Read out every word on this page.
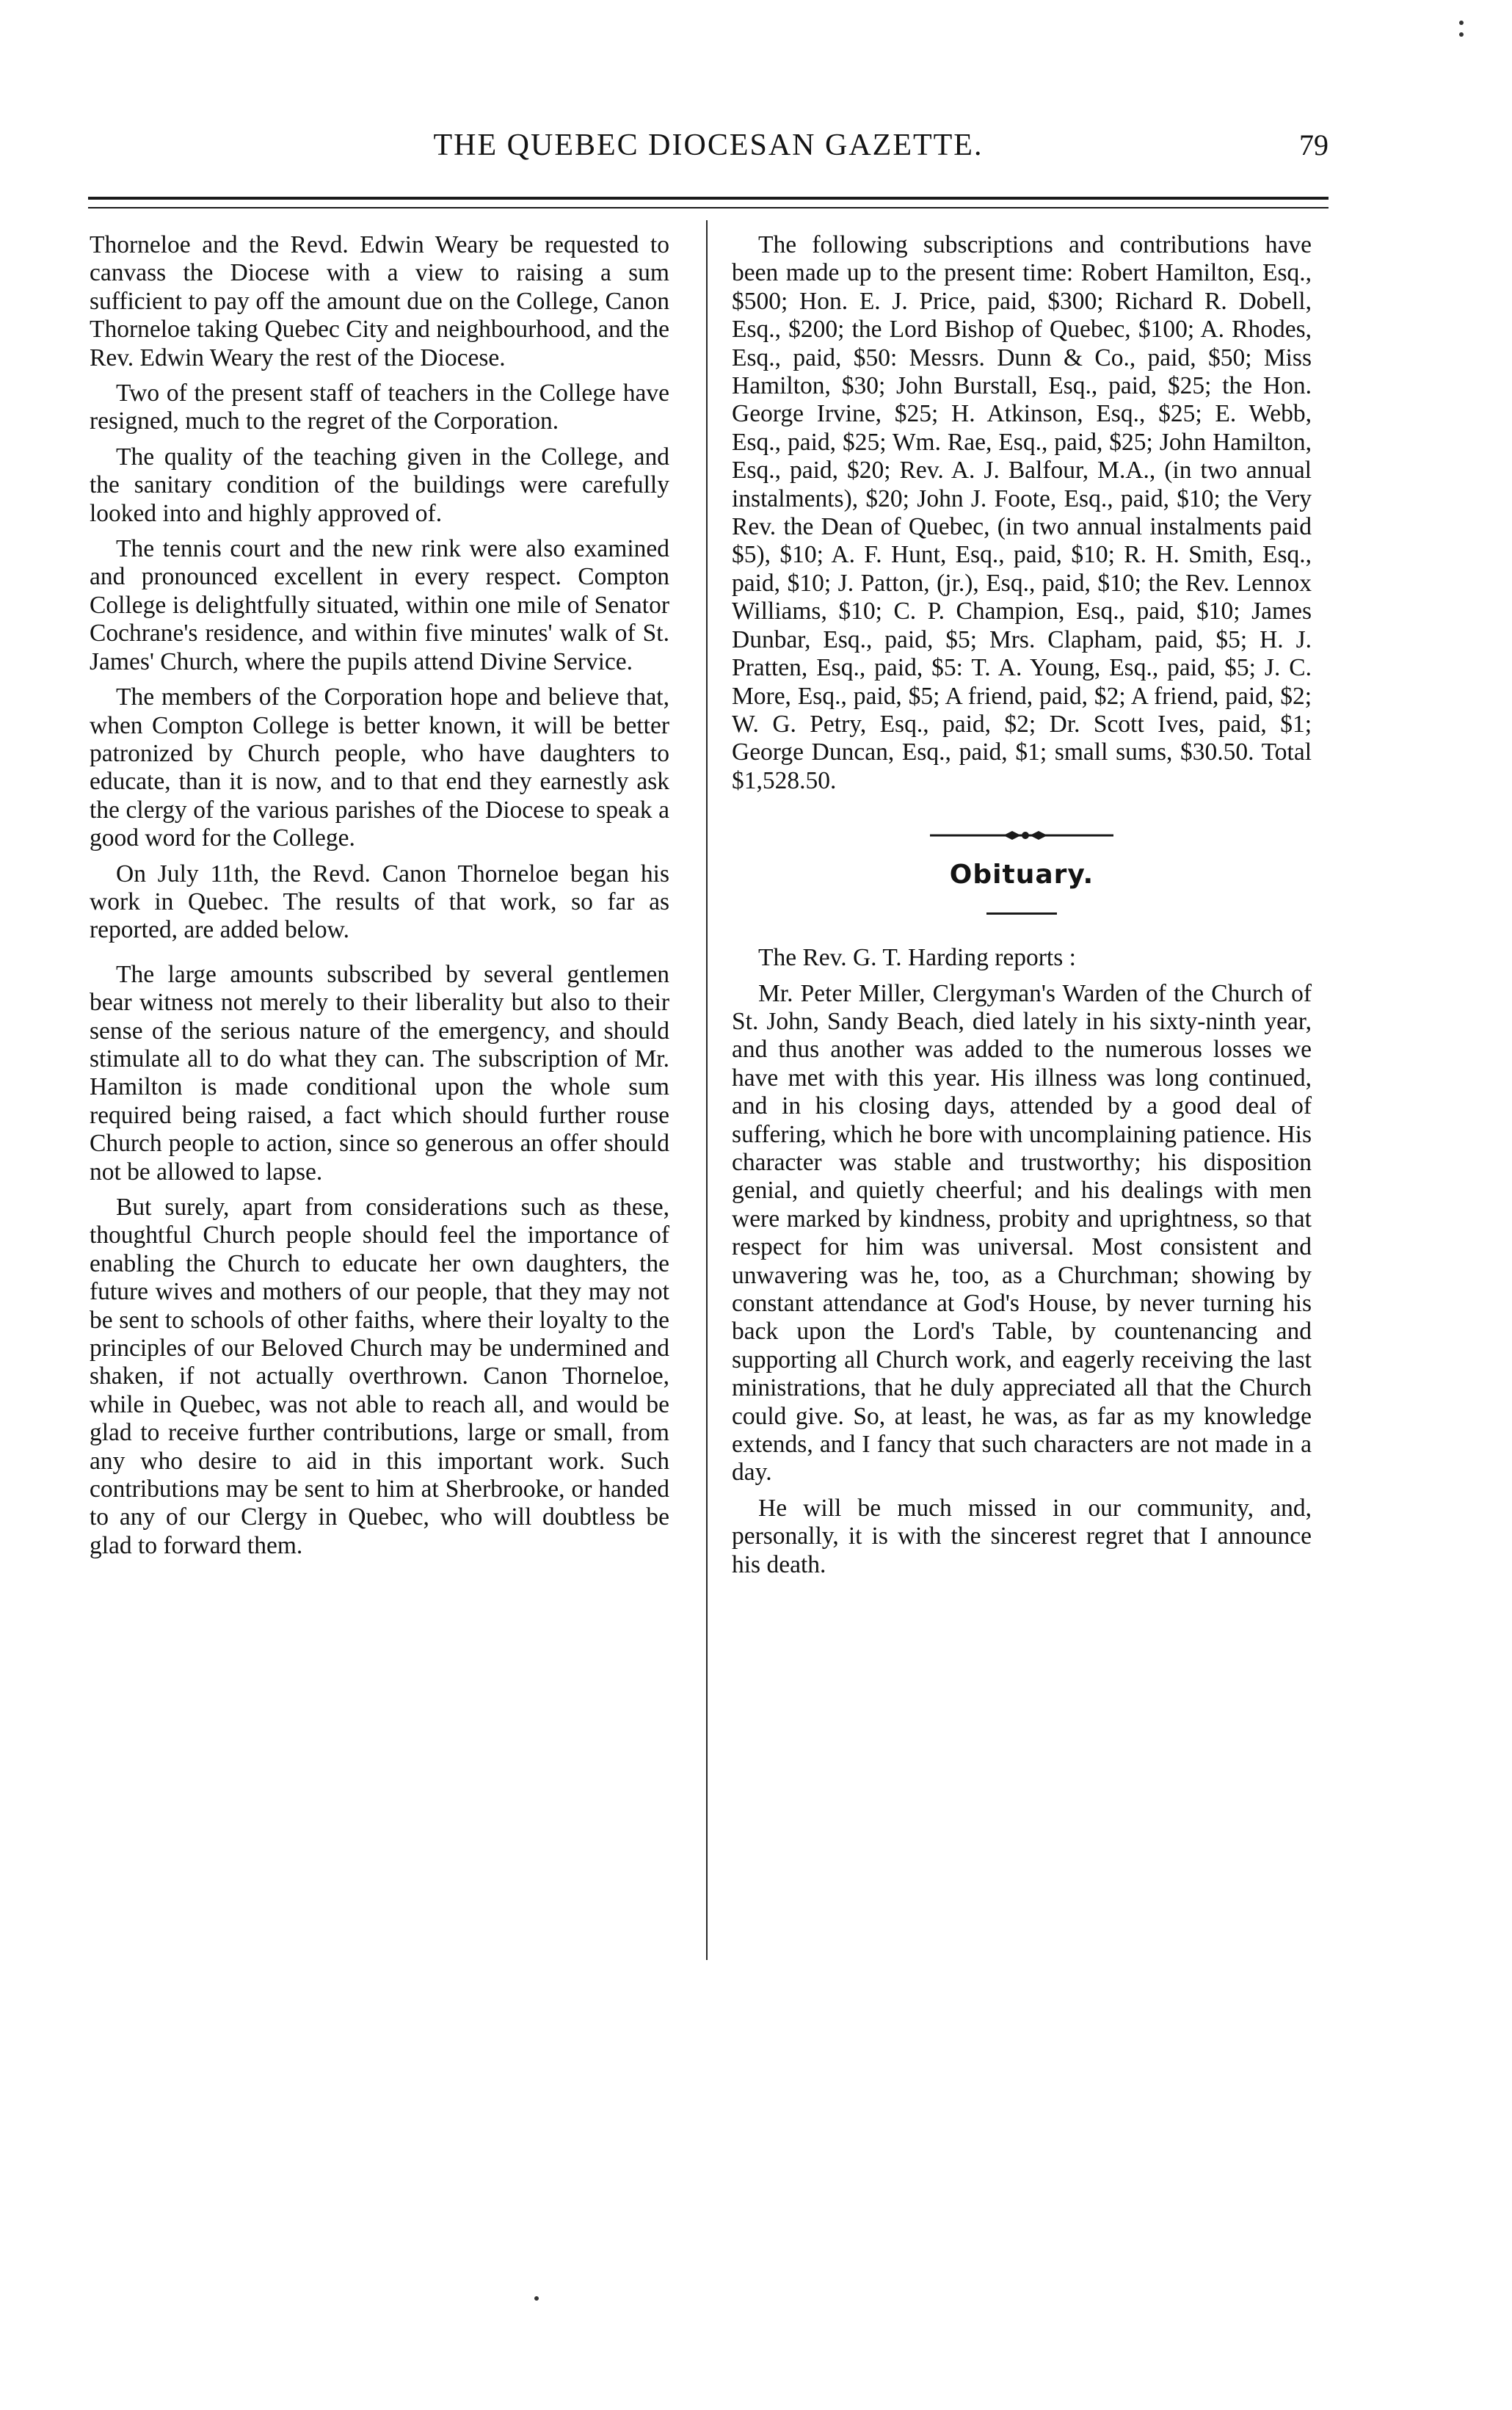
THE QUEBEC DIOCESAN GAZETTE.	79

Thorneloe and the Revd. Edwin Weary be requested to canvass the Diocese with a view to raising a sum sufficient to pay off the amount due on the College, Canon Thorneloe taking Quebec City and neighbourhood, and the Rev. Edwin Weary the rest of the Diocese.

Two of the present staff of teachers in the College have resigned, much to the regret of the Corporation.

The quality of the teaching given in the College, and the sanitary condition of the buildings were carefully looked into and highly approved of.

The tennis court and the new rink were also examined and pronounced excellent in every respect. Compton College is delightfully situated, within one mile of Senator Cochrane's residence, and within five minutes' walk of St. James' Church, where the pupils attend Divine Service.

The members of the Corporation hope and believe that, when Compton College is better known, it will be better patronized by Church people, who have daughters to educate, than it is now, and to that end they earnestly ask the clergy of the various parishes of the Diocese to speak a good word for the College.

On July 11th, the Revd. Canon Thorneloe began his work in Quebec. The results of that work, so far as reported, are added below.

The large amounts subscribed by several gentlemen bear witness not merely to their liberality but also to their sense of the serious nature of the emergency, and should stimulate all to do what they can. The subscription of Mr. Hamilton is made conditional upon the whole sum required being raised, a fact which should further rouse Church people to action, since so generous an offer should not be allowed to lapse.

But surely, apart from considerations such as these, thoughtful Church people should feel the importance of enabling the Church to educate her own daughters, the future wives and mothers of our people, that they may not be sent to schools of other faiths, where their loyalty to the principles of our Beloved Church may be undermined and shaken, if not actually overthrown. Canon Thorneloe, while in Quebec, was not able to reach all, and would be glad to receive further contributions, large or small, from any who desire to aid in this important work. Such contributions may be sent to him at Sherbrooke, or handed to any of our Clergy in Quebec, who will doubtless be glad to forward them.

The following subscriptions and contributions have been made up to the present time: Robert Hamilton, Esq., $500; Hon. E. J. Price, paid, $300; Richard R. Dobell, Esq., $200; the Lord Bishop of Quebec, $100; A. Rhodes, Esq., paid, $50: Messrs. Dunn & Co., paid, $50; Miss Hamilton, $30; John Burstall, Esq., paid, $25; the Hon. George Irvine, $25; H. Atkinson, Esq., $25; E. Webb, Esq., paid, $25; Wm. Rae, Esq., paid, $25; John Hamilton, Esq., paid, $20; Rev. A. J. Balfour, M.A., (in two annual instalments), $20; John J. Foote, Esq., paid, $10; the Very Rev. the Dean of Quebec, (in two annual instalments paid $5), $10; A. F. Hunt, Esq., paid, $10; R. H. Smith, Esq., paid, $10; J. Patton, (jr.), Esq., paid, $10; the Rev. Lennox Williams, $10; C. P. Champion, Esq., paid, $10; James Dunbar, Esq., paid, $5; Mrs. Clapham, paid, $5; H. J. Pratten, Esq., paid, $5: T. A. Young, Esq., paid, $5; J. C. More, Esq., paid, $5; A friend, paid, $2; A friend, paid, $2; W. G. Petry, Esq., paid, $2; Dr. Scott Ives, paid, $1; George Duncan, Esq., paid, $1; small sums, $30.50. Total $1,528.50.

Obituary.

The Rev. G. T. Harding reports :

Mr. Peter Miller, Clergyman's Warden of the Church of St. John, Sandy Beach, died lately in his sixty-ninth year, and thus another was added to the numerous losses we have met with this year. His illness was long continued, and in his closing days, attended by a good deal of suffering, which he bore with uncomplaining patience. His character was stable and trustworthy; his disposition genial, and quietly cheerful; and his dealings with men were marked by kindness, probity and uprightness, so that respect for him was universal. Most consistent and unwavering was he, too, as a Churchman; showing by constant attendance at God's House, by never turning his back upon the Lord's Table, by countenancing and supporting all Church work, and eagerly receiving the last ministrations, that he duly appreciated all that the Church could give. So, at least, he was, as far as my knowledge extends, and I fancy that such characters are not made in a day.

He will be much missed in our community, and, personally, it is with the sincerest regret that I announce his death.
